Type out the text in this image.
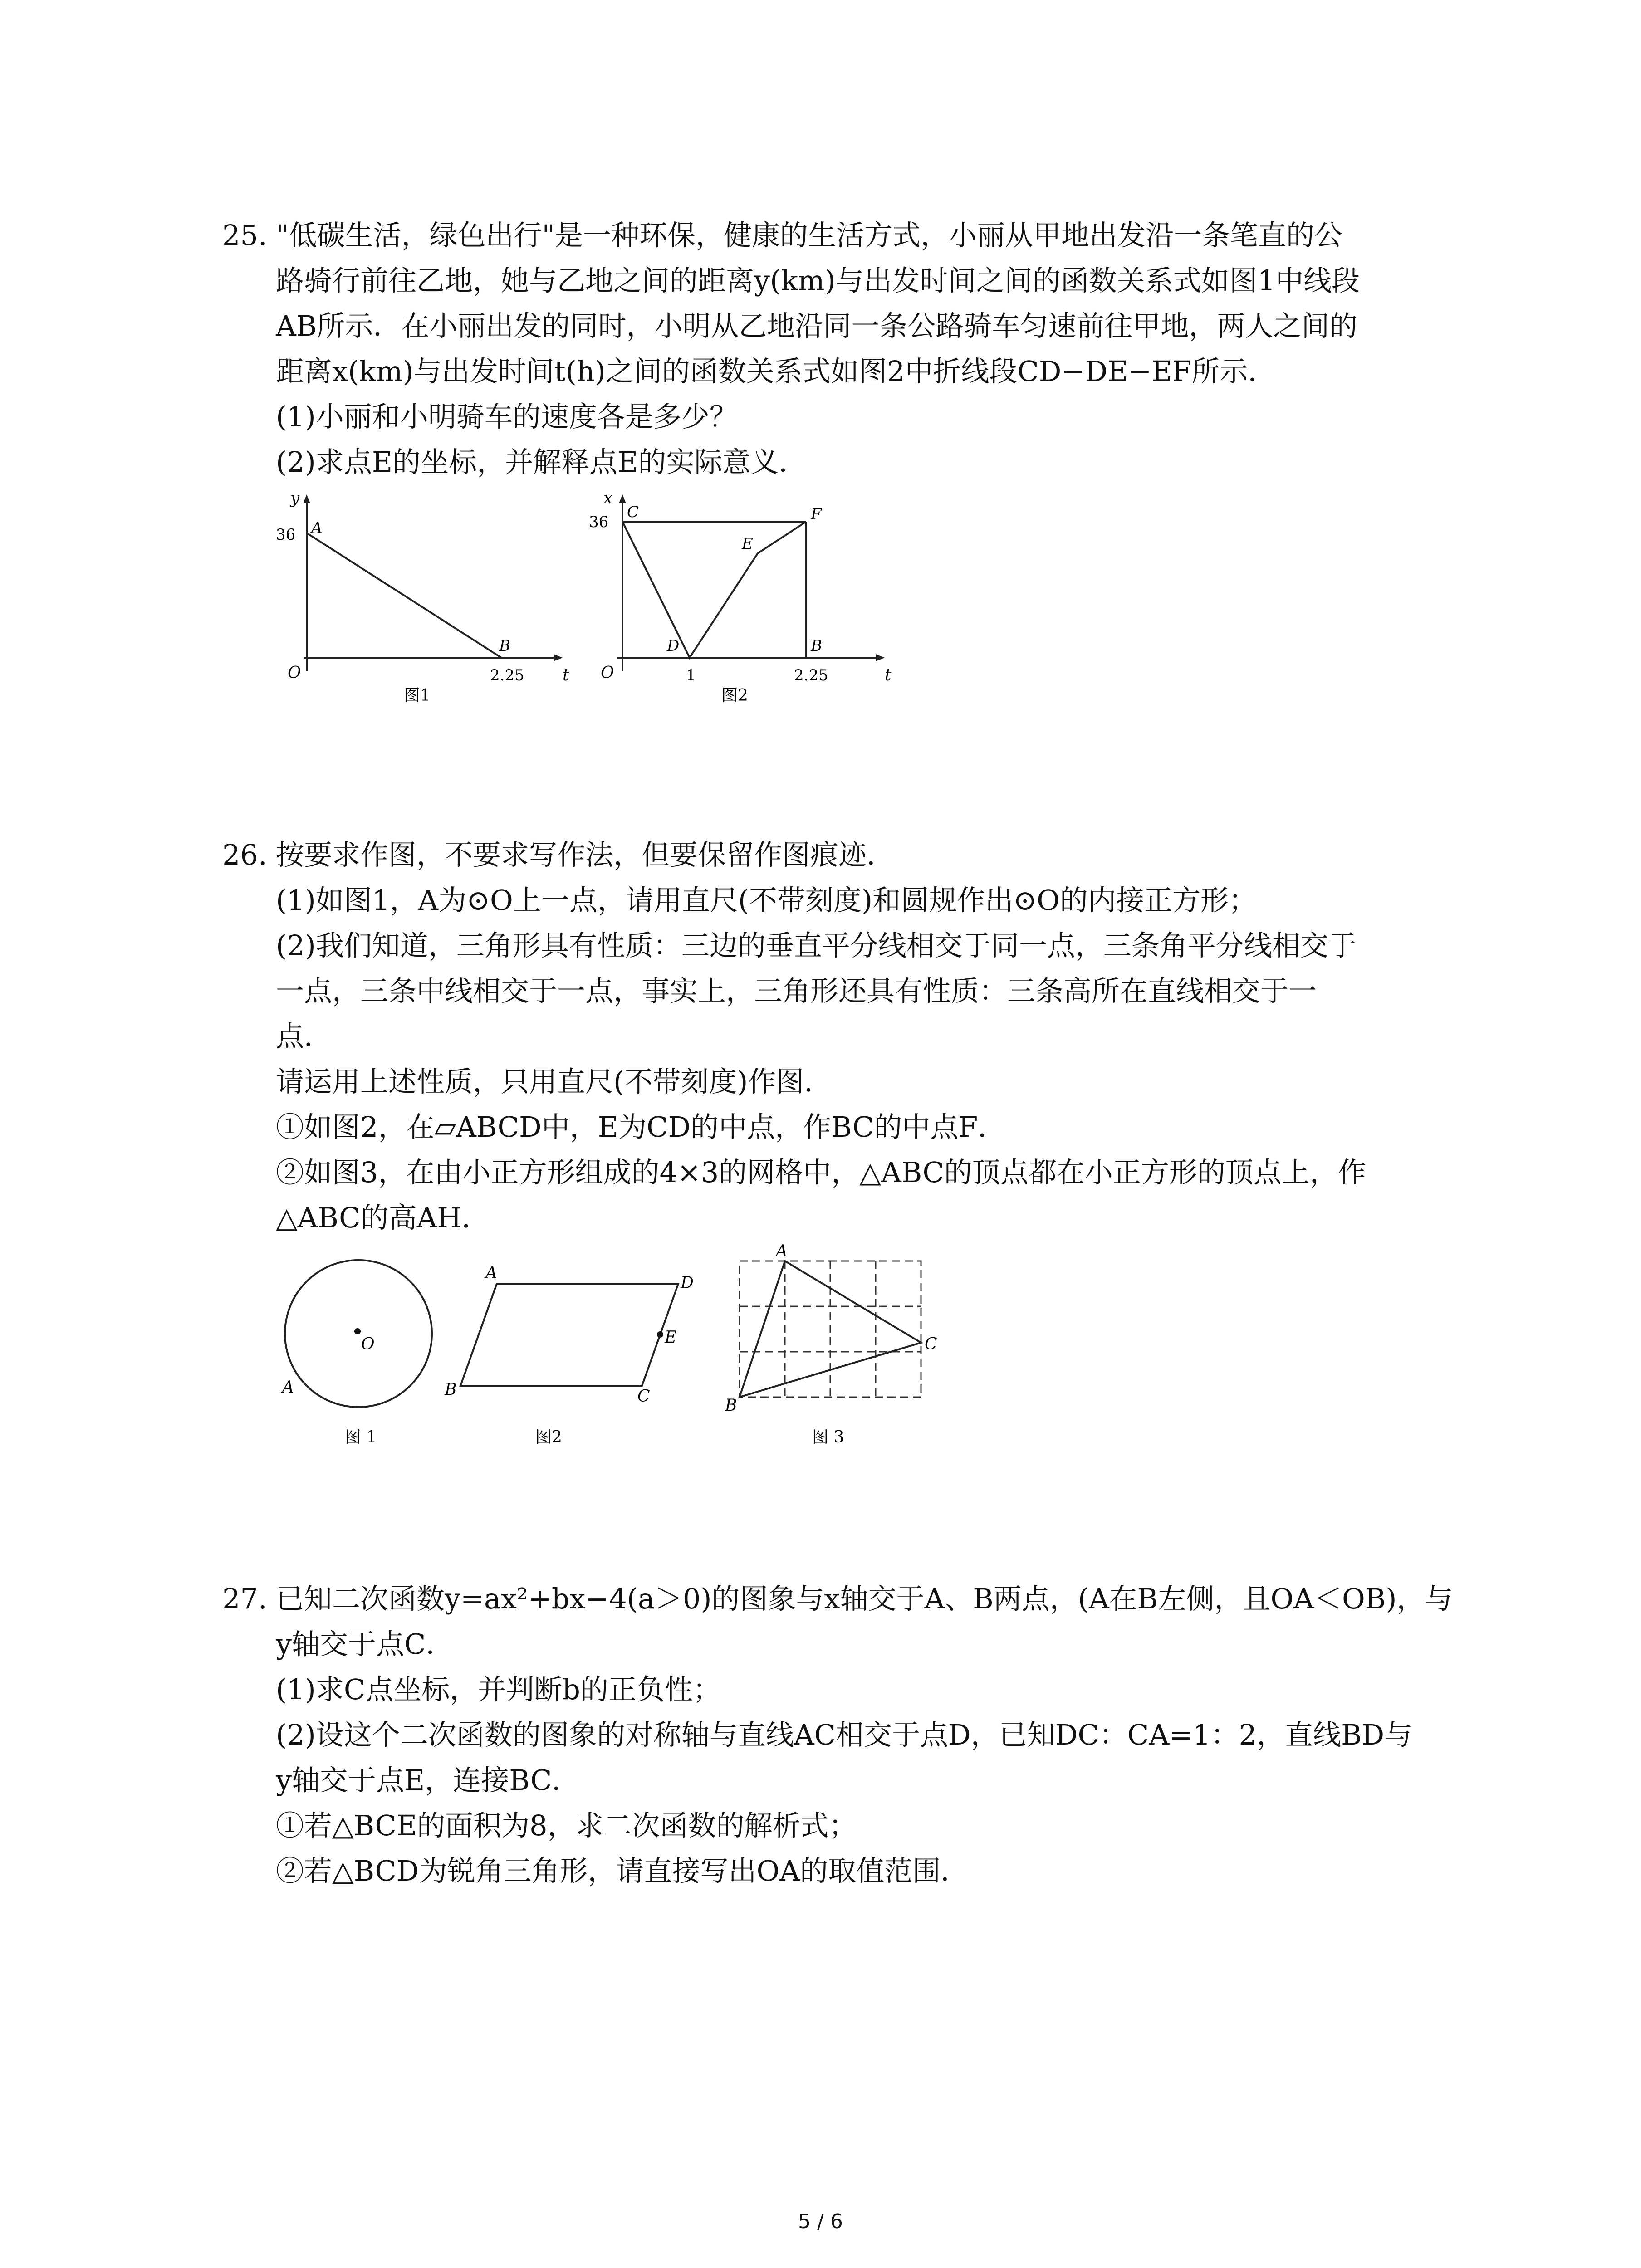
25. "低碳生活，绿色出行"是一种环保，健康的生活方式，小丽从甲地出发沿一条笔直的公
路骑行前往乙地，她与乙地之间的距离y(km)与出发时间之间的函数关系式如图1中线段
AB所示．在小丽出发的同时，小明从乙地沿同一条公路骑车匀速前往甲地，两人之间的
距离x(km)与出发时间t(h)之间的函数关系式如图2中折线段CD−DE−EF所示．
(1)小丽和小明骑车的速度各是多少？
(2)求点E的坐标，并解释点E的实际意义．
y
t
O
36
2.25
A
B
图1
x
t
O
36
1	2.25
C
D
E
F
B
图2
26. 按要求作图，不要求写作法，但要保留作图痕迹．
(1)如图1，A为⊙O上一点，请用直尺(不带刻度)和圆规作出⊙O的内接正方形；
(2)我们知道，三角形具有性质：三边的垂直平分线相交于同一点，三条角平分线相交于
一点，三条中线相交于一点，事实上，三角形还具有性质：三条高所在直线相交于一
点．
请运用上述性质，只用直尺(不带刻度)作图．
①如图2，在▱ABCD中，E为CD的中点，作BC的中点F．
②如图3，在由小正方形组成的4×3的网格中，△ABC的顶点都在小正方形的顶点上，作
△ABC的高AH．
O
A
图 1
A
D
E
B	C
图2
A
C
B
图 3
27. 已知二次函数y=ax²+bx−4(a＞0)的图象与x轴交于A、B两点，(A在B左侧，且OA＜OB)，与
y轴交于点C．
(1)求C点坐标，并判断b的正负性；
(2)设这个二次函数的图象的对称轴与直线AC相交于点D，已知DC：CA=1：2，直线BD与
y轴交于点E，连接BC．
①若△BCE的面积为8，求二次函数的解析式；
②若△BCD为锐角三角形，请直接写出OA的取值范围．
5 / 6
